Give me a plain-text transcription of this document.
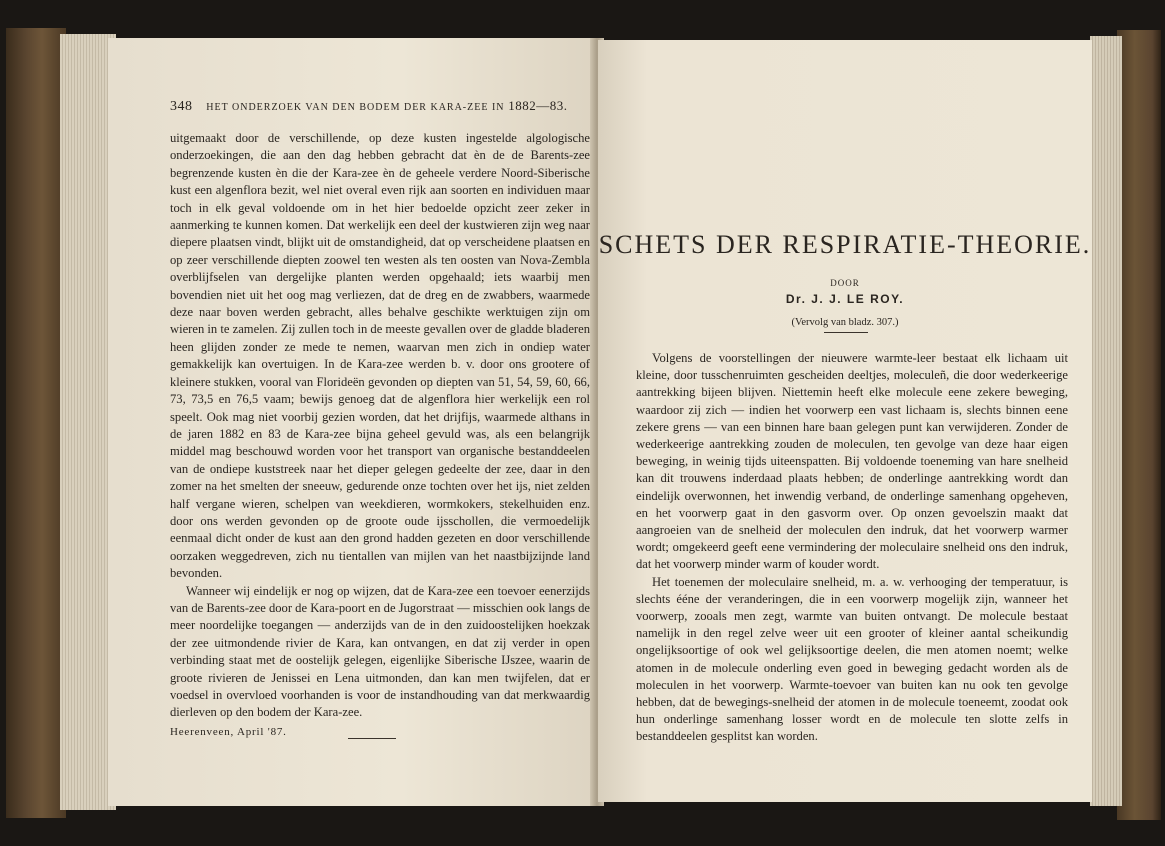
348 HET ONDERZOEK VAN DEN BODEM DER KARA-ZEE IN 1882—83.

uitgemaakt door de verschillende, op deze kusten ingestelde algologische onderzoekingen, die aan den dag hebben gebracht dat èn de de Barents-zee begrenzende kusten èn die der Kara-zee èn de geheele verdere Noord-Siberische kust een algenflora bezit, wel niet overal even rijk aan soorten en individuen maar toch in elk geval voldoende om in het hier bedoelde opzicht zeer zeker in aanmerking te kunnen komen. Dat werkelijk een deel der kustwieren zijn weg naar diepere plaatsen vindt, blijkt uit de omstandigheid, dat op verscheidene plaatsen en op zeer verschillende diepten zoowel ten westen als ten oosten van Nova-Zembla overblijfselen van dergelijke planten werden opgehaald; iets waarbij men bovendien niet uit het oog mag verliezen, dat de dreg en de zwabbers, waarmede deze naar boven werden gebracht, alles behalve geschikte werktuigen zijn om wieren in te zamelen. Zij zullen toch in de meeste gevallen over de gladde bladeren heen glijden zonder ze mede te nemen, waarvan men zich in ondiep water gemakkelijk kan overtuigen. In de Kara-zee werden b. v. door ons grootere of kleinere stukken, vooral van Florideën gevonden op diepten van 51, 54, 59, 60, 66, 73, 73,5 en 76,5 vaam; bewijs genoeg dat de algenflora hier werkelijk een rol speelt. Ook mag niet voorbij gezien worden, dat het drijfijs, waarmede althans in de jaren 1882 en 83 de Kara-zee bijna geheel gevuld was, als een belangrijk middel mag beschouwd worden voor het transport van organische bestanddeelen van de ondiepe kuststreek naar het dieper gelegen gedeelte der zee, daar in den zomer na het smelten der sneeuw, gedurende onze tochten over het ijs, niet zelden half vergane wieren, schelpen van weekdieren, wormkokers, stekelhuiden enz. door ons werden gevonden op de groote oude ijsschollen, die vermoedelijk eenmaal dicht onder de kust aan den grond hadden gezeten en door verschillende oorzaken weggedreven, zich nu tientallen van mijlen van het naastbijzijnde land bevonden.

Wanneer wij eindelijk er nog op wijzen, dat de Kara-zee een toevoer eenerzijds van de Barents-zee door de Kara-poort en de Jugorstraat — misschien ook langs de meer noordelijke toegangen — anderzijds van de in den zuidoostelijken hoekzak der zee uitmondende rivier de Kara, kan ontvangen, en dat zij verder in open verbinding staat met de oostelijk gelegen, eigenlijke Siberische IJszee, waarin de groote rivieren de Jenissei en Lena uitmonden, dan kan men twijfelen, dat er voedsel in overvloed voorhanden is voor de instandhouding van dat merkwaardig dierleven op den bodem der Kara-zee.

Heerenveen, April '87.
SCHETS DER RESPIRATIE-THEORIE.
DOOR
Dr. J. J. LE ROY.
(Vervolg van bladz. 307.)

Volgens de voorstellingen der nieuwere warmte-leer bestaat elk lichaam uit kleine, door tusschenruimten gescheiden deeltjes, moleculeñ, die door wederkeerige aantrekking bijeen blijven. Niettemin heeft elke molecule eene zekere beweging, waardoor zij zich — indien het voorwerp een vast lichaam is, slechts binnen eene zekere grens — van een binnen hare baan gelegen punt kan verwijderen. Zonder de wederkeerige aantrekking zouden de moleculen, ten gevolge van deze haar eigen beweging, in weinig tijds uiteenspatten. Bij voldoende toeneming van hare snelheid kan dit trouwens inderdaad plaats hebben; de onderlinge aantrekking wordt dan eindelijk overwonnen, het inwendig verband, de onderlinge samenhang opgeheven, en het voorwerp gaat in den gasvorm over. Op onzen gevoelszin maakt dat aangroeien van de snelheid der moleculen den indruk, dat het voorwerp warmer wordt; omgekeerd geeft eene vermindering der moleculaire snelheid ons den indruk, dat het voorwerp minder warm of kouder wordt.

Het toenemen der moleculaire snelheid, m. a. w. verhooging der temperatuur, is slechts ééne der veranderingen, die in een voorwerp mogelijk zijn, wanneer het voorwerp, zooals men zegt, warmte van buiten ontvangt. De molecule bestaat namelijk in den regel zelve weer uit een grooter of kleiner aantal scheikundig ongelijksoortige of ook wel gelijksoortige deelen, die men atomen noemt; welke atomen in de molecule onderling even goed in beweging gedacht worden als de moleculen in het voorwerp. Warmte-toevoer van buiten kan nu ook ten gevolge hebben, dat de bewegings-snelheid der atomen in de molecule toeneemt, zoodat ook hun onderlinge samenhang losser wordt en de molecule ten slotte zelfs in bestanddeelen gesplitst kan worden.
